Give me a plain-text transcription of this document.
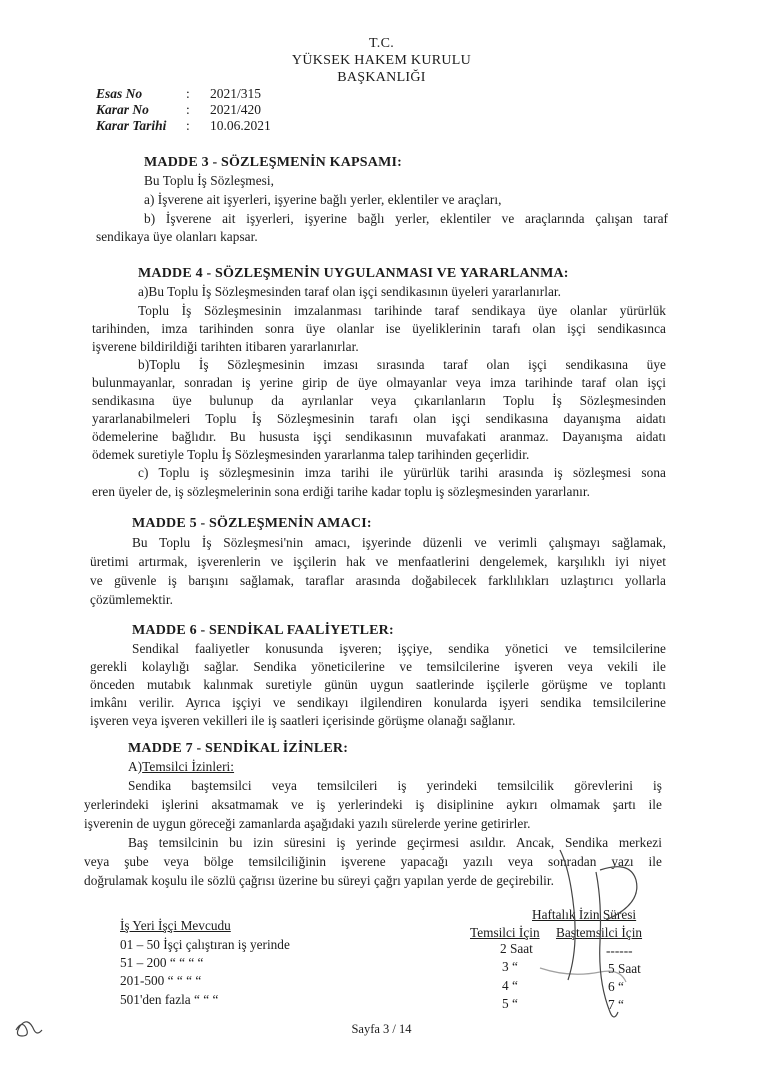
T.C.
YÜKSEK HAKEM KURULU
BAŞKANLIĞI
Esas No	: 2021/315
Karar No	: 2021/420
Karar Tarihi : 10.06.2021
MADDE 3 - SÖZLEŞMENİN KAPSAMI:
Bu Toplu İş Sözleşmesi,
a) İşverene ait işyerleri, işyerine bağlı yerler, eklentiler ve araçları,
b) İşverene ait işyerleri, işyerine bağlı yerler, eklentiler ve araçlarında çalışan taraf
sendikaya üye olanları kapsar.
MADDE 4 - SÖZLEŞMENİN UYGULANMASI VE YARARLANMA:
a)Bu Toplu İş Sözleşmesinden taraf olan işçi sendikasının üyeleri yararlanırlar.
Toplu İş Sözleşmesinin imzalanması tarihinde taraf sendikaya üye olanlar yürürlük
tarihinden, imza tarihinden sonra üye olanlar ise üyeliklerinin tarafı olan işçi sendikasınca
işverene bildirildiği tarihten itibaren yararlanırlar.
b)Toplu İş Sözleşmesinin imzası sırasında taraf olan işçi sendikasına üye
bulunmayanlar, sonradan iş yerine girip de üye olmayanlar veya imza tarihinde taraf olan işçi
sendikasına üye bulunup da ayrılanlar veya çıkarılanların Toplu İş Sözleşmesinden
yararlanabilmeleri Toplu İş Sözleşmesinin tarafı olan işçi sendikasına dayanışma aidatı
ödemelerine bağlıdır. Bu hususta işçi sendikasının muvafakati aranmaz. Dayanışma aidatı
ödemek suretiyle Toplu İş Sözleşmesinden yararlanma talep tarihinden geçerlidir.
c) Toplu iş sözleşmesinin imza tarihi ile yürürlük tarihi arasında iş sözleşmesi sona
eren üyeler de, iş sözleşmelerinin sona erdiği tarihe kadar toplu iş sözleşmesinden yararlanır.
MADDE 5 - SÖZLEŞMENİN AMACI:
Bu Toplu İş Sözleşmesi'nin amacı, işyerinde düzenli ve verimli çalışmayı sağlamak,
üretimi artırmak, işverenlerin ve işçilerin hak ve menfaatlerini dengelemek, karşılıklı iyi niyet
ve güvenle iş barışını sağlamak, taraflar arasında doğabilecek farklılıkları uzlaştırıcı yollarla
çözümlemektir.
MADDE 6 - SENDİKAL FAALİYETLER:
Sendikal faaliyetler konusunda işveren; işçiye, sendika yönetici ve temsilcilerine
gerekli kolaylığı sağlar. Sendika yöneticilerine ve temsilcilerine işveren veya vekili ile
önceden mutabık kalınmak suretiyle günün uygun saatlerinde işçilerle görüşme ve toplantı
imkânı verilir. Ayrıca işçiyi ve sendikayı ilgilendiren konularda işyeri sendika temsilcilerine
işveren veya işveren vekilleri ile iş saatleri içerisinde görüşme olanağı sağlanır.
MADDE 7 - SENDİKAL İZİNLER:
A)Temsilci İzinleri:
Sendika baştemsilci veya temsilcileri iş yerindeki temsilcilik görevlerini iş
yerlerindeki işlerini aksatmamak ve iş yerlerindeki iş disiplinine aykırı olmamak şartı ile
işverenin de uygun göreceği zamanlarda aşağıdaki yazılı sürelerde yerine getirirler.
Baş temsilcinin bu izin süresini iş yerinde geçirmesi asıldır. Ancak, Sendika merkezi
veya şube veya bölge temsilciliğinin işverene yapacağı yazılı veya sonradan yazı ile
doğrulamak koşulu ile sözlü çağrısı üzerine bu süreyi çağrı yapılan yerde de geçirebilir.
İş Yeri İşçi Mevcudu
Haftalık İzin Süresi
Temsilci İçin Baştemsilci İçin
01 – 50 İşçi çalıştıran iş yerinde	2 Saat	------
51 – 200 “ “ “ “	3 “	5 Saat
201-500 “ “ “ “	4 “	6 “
501'den fazla “ “ “	5 “	7 “
Sayfa 3 / 14
